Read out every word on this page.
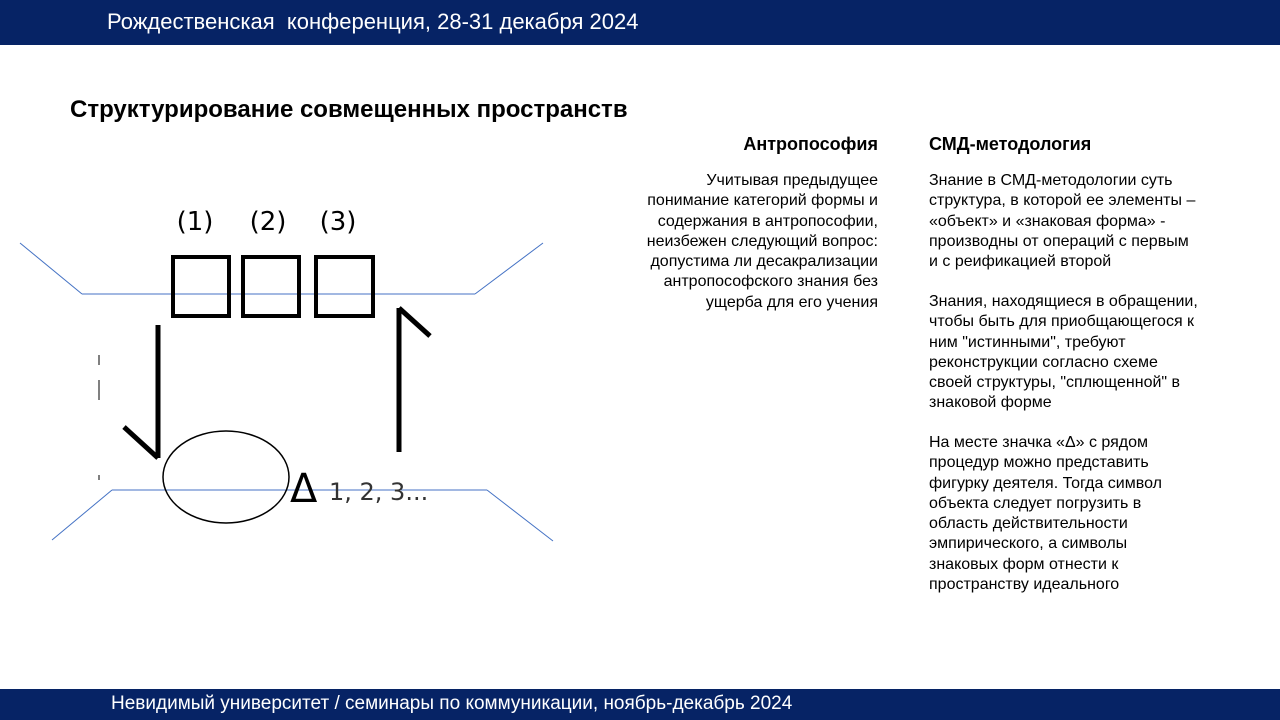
Рождественская  конференция, 28-31 декабря 2024
Структурирование совмещенных пространств
(1) (2) (3)
Δ 1, 2, 3...
Антропософия	СМД-методология
Учитывая предыдущее
понимание категорий формы и
содержания в антропософии,
неизбежен следующий вопрос:
допустима ли десакрализации
антропософского знания без
ущерба для его учения
Знание в СМД-методологии суть
структура, в которой ее элементы –
«объект» и «знаковая форма» -
производны от операций с первым
и с реификацией второй
Знания, находящиеся в обращении,
чтобы быть для приобщающегося к
ним "истинными", требуют
реконструкции согласно схеме
своей структуры, "сплющенной" в
знаковой форме
На месте значка «Δ» с рядом
процедур можно представить
фигурку деятеля. Тогда символ
объекта следует погрузить в
область действительности
эмпирического, а символы
знаковых форм отнести к
пространству идеального
Невидимый университет / семинары по коммуникации, ноябрь-декабрь 2024
